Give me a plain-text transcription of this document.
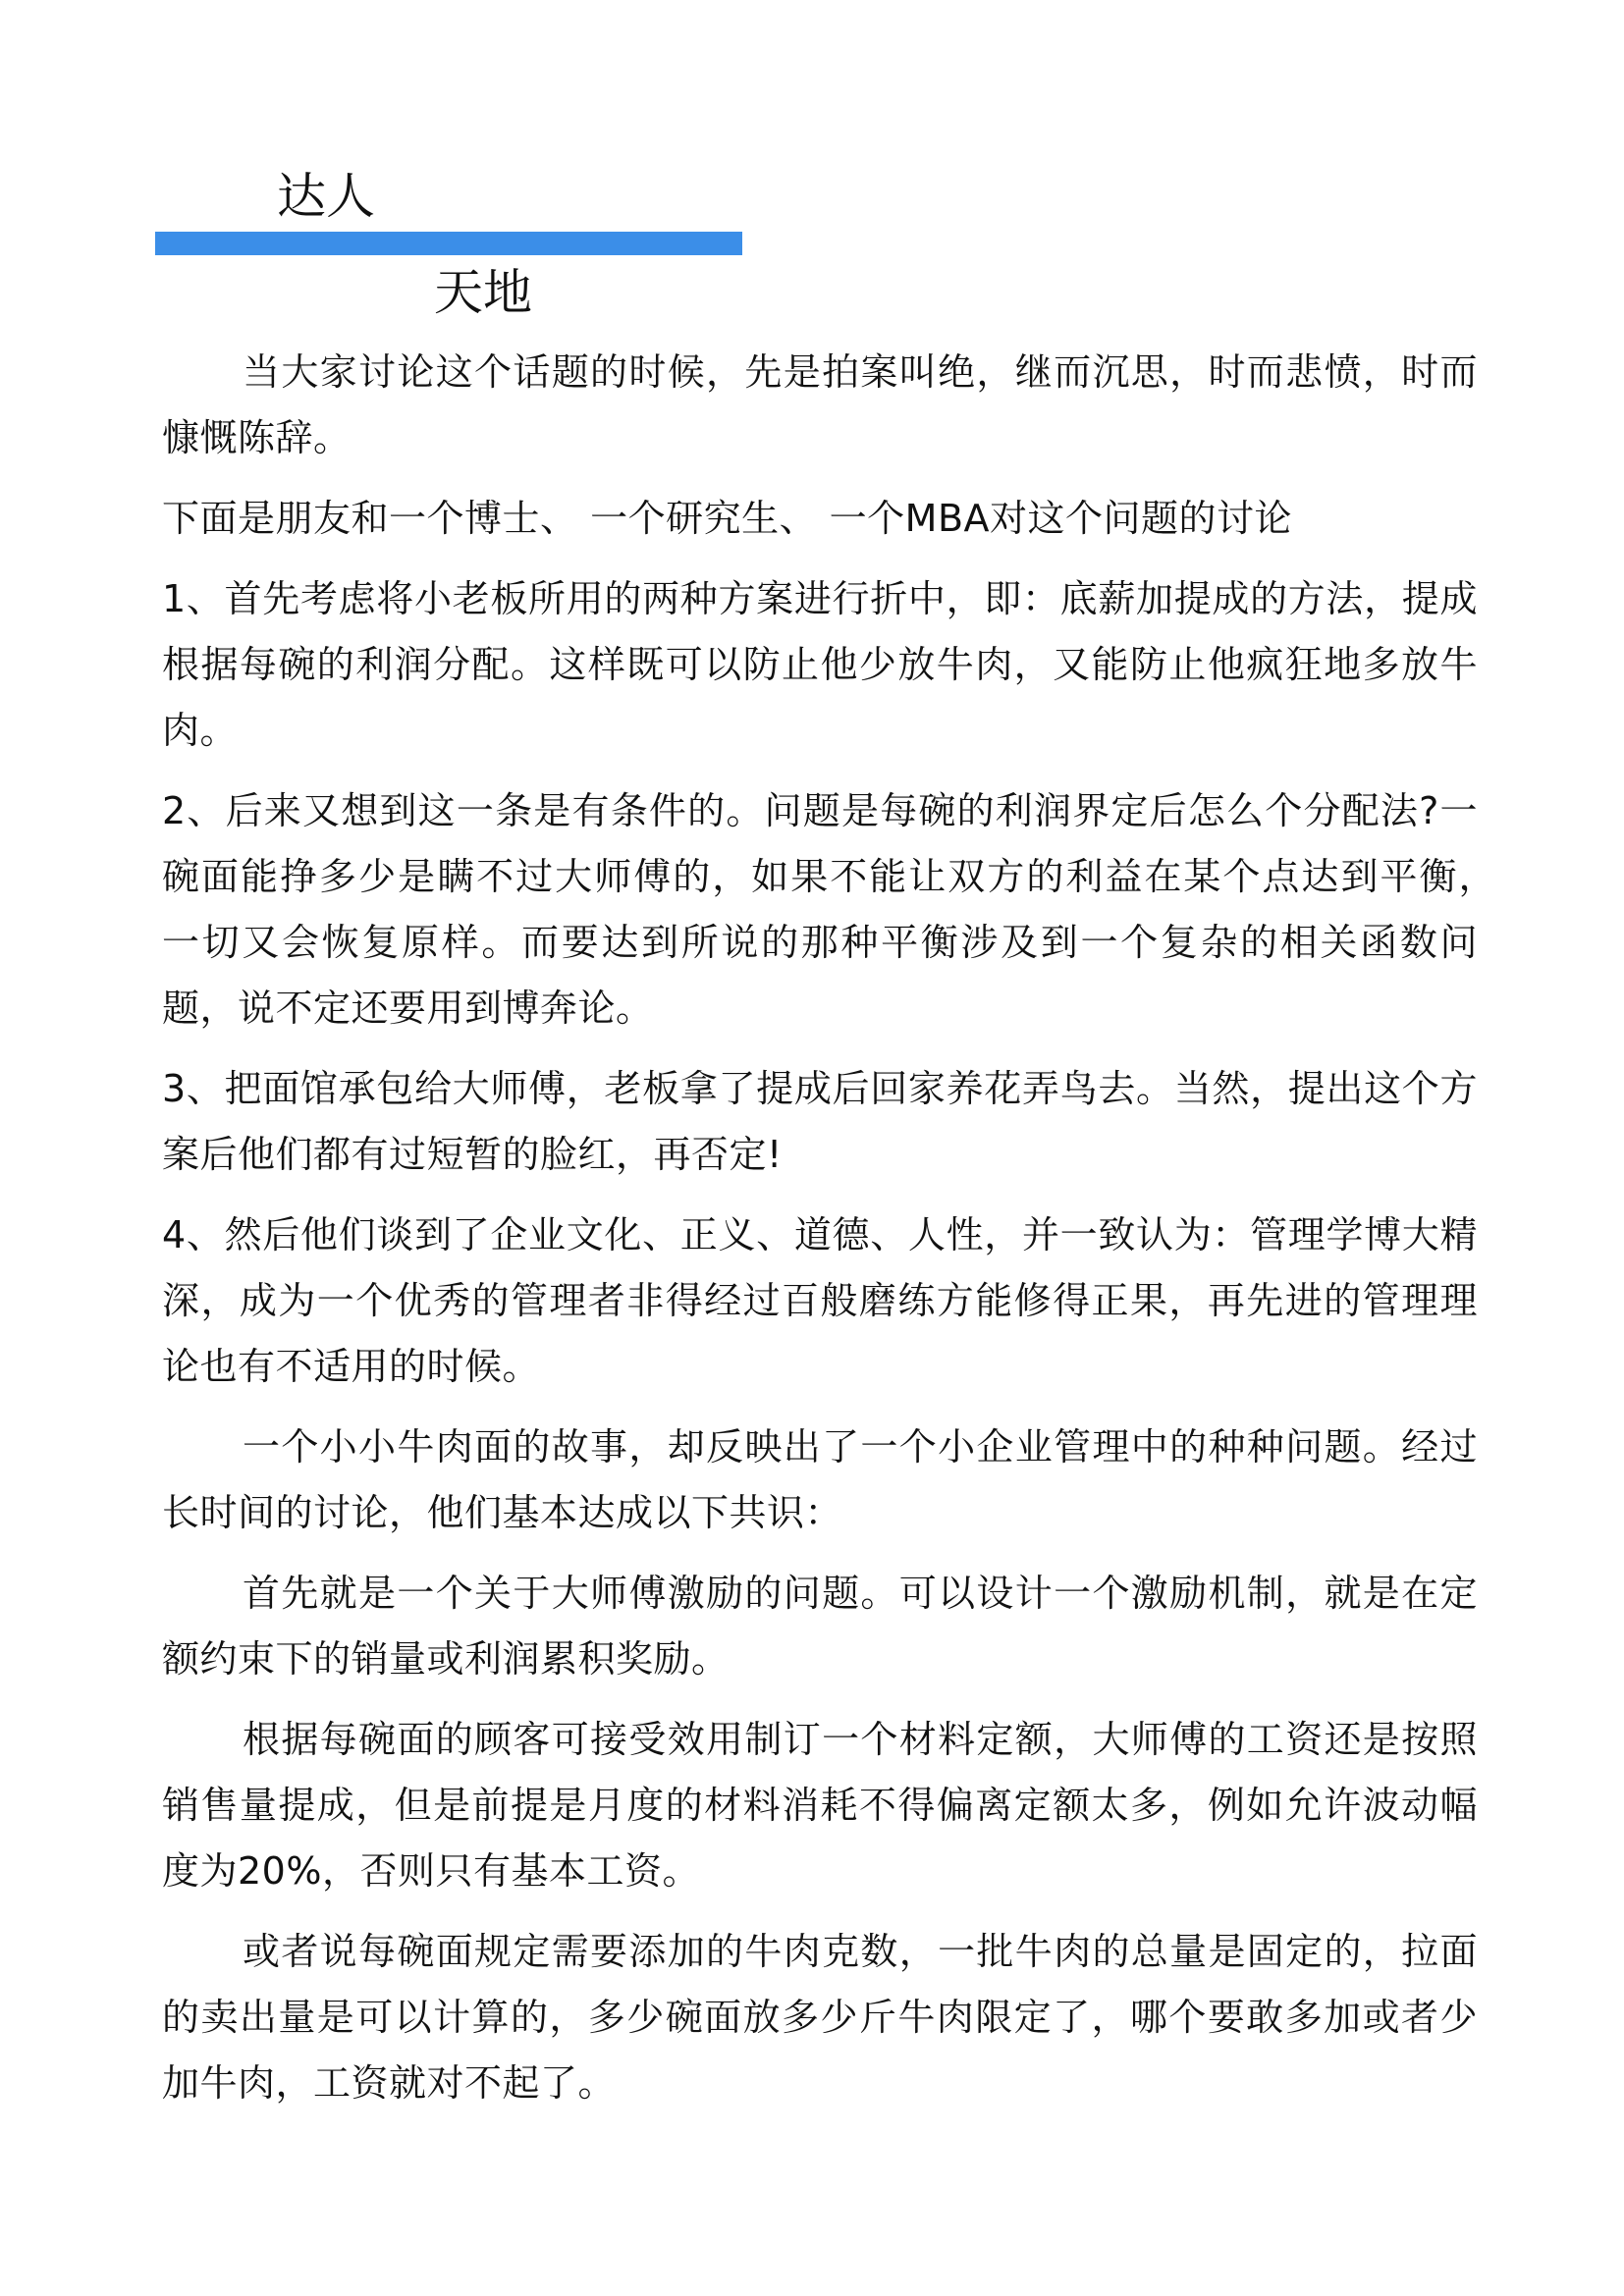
达人
天地

当大家讨论这个话题的时候，先是拍案叫绝，继而沉思，时而悲愤，时而慷慨陈辞。

下面是朋友和一个博士、 一个研究生、 一个MBA对这个问题的讨论

1、首先考虑将小老板所用的两种方案进行折中，即：底薪加提成的方法，提成根据每碗的利润分配。这样既可以防止他少放牛肉，又能防止他疯狂地多放牛肉。

2、后来又想到这一条是有条件的。问题是每碗的利润界定后怎么个分配法?一碗面能挣多少是瞒不过大师傅的，如果不能让双方的利益在某个点达到平衡，　 一切又会恢复原样。而要达到所说的那种平衡涉及到一个复杂的相关函数问题，说不定还要用到博奔论。

3、把面馆承包给大师傅，老板拿了提成后回家养花弄鸟去。当然，提出这个方案后他们都有过短暂的脸红，再否定!

4、然后他们谈到了企业文化、正义、道德、人性，并一致认为：管理学博大精深，成为一个优秀的管理者非得经过百般磨练方能修得正果，再先进的管理理论也有不适用的时候。

一个小小牛肉面的故事，却反映出了一个小企业管理中的种种问题。经过长时间的讨论，他们基本达成以下共识：

首先就是一个关于大师傅激励的问题。可以设计一个激励机制，就是在定额约束下的销量或利润累积奖励。

根据每碗面的顾客可接受效用制订一个材料定额，大师傅的工资还是按照销售量提成，但是前提是月度的材料消耗不得偏离定额太多，例如允许波动幅度为20%，否则只有基本工资。

或者说每碗面规定需要添加的牛肉克数，一批牛肉的总量是固定的，拉面的卖出量是可以计算的，多少碗面放多少斤牛肉限定了，哪个要敢多加或者少加牛肉，工资就对不起了。
